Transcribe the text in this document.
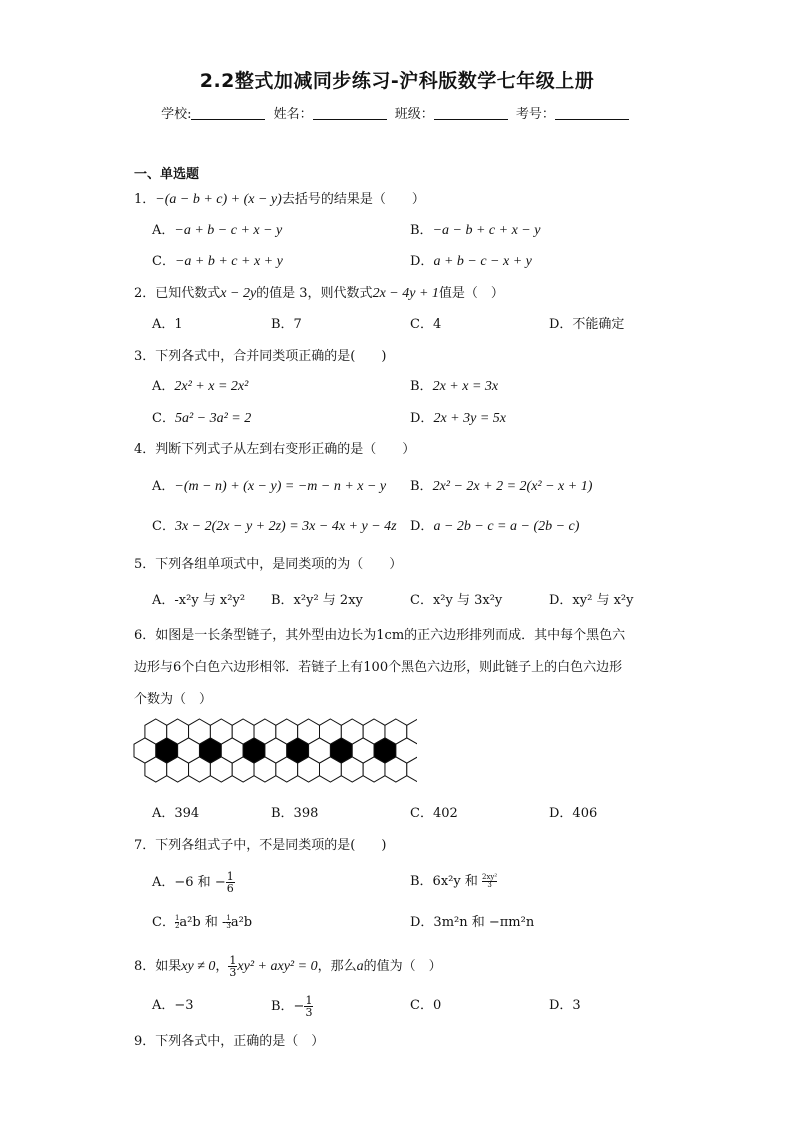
2.2整式加减同步练习-沪科版数学七年级上册
学校:	姓名：	班级：	考号：
一、单选题
1．−(a − b + c) + (x − y)去括号的结果是（　　）
A．−a + b − c + x − y	B．−a − b + c + x − y
C．−a + b + c + x + y	D．a + b − c − x + y
2．已知代数式x − 2y的值是 3，则代数式2x − 4y + 1值是（　）
A．1	B．7	C．4	D．不能确定
3．下列各式中，合并同类项正确的是(　　)
A．2x² + x = 2x²	B．2x + x = 3x
C．5a² − 3a² = 2	D．2x + 3y = 5x
4．判断下列式子从左到右变形正确的是（　　）
A．−(m − n) + (x − y) = −m − n + x − y B．2x² − 2x + 2 = 2(x² − x + 1)
C．3x − 2(2x − y + 2z) = 3x − 4x + y − 4z D．a − 2b − c = a − (2b − c)
5．下列各组单项式中，是同类项的为（　　）
A．-x²y 与 x²y² B．x²y² 与 2xy	C．x²y 与 3x²y	D．xy² 与 x²y
6．如图是一长条型链子，其外型由边长为1cm的正六边形排列而成．其中每个黑色六
边形与6个白色六边形相邻．若链子上有100个黑色六边形，则此链子上的白色六边形
个数为（　）
A．394	B．398	C．402	D．406
7．下列各组式子中，不是同类项的是(　　)
A．−6 和 − $\frac{1}{6}$	B．6x²y 和 $\frac{\text{2xy²}}{3}$
C． $\frac{1}{2} a^2b$ 和 - $\frac{1}{3} a^2b$	D．3m²n 和 −πm²n
8．如果xy ≠ 0， $\frac{1}{3} xy^2 + axy^2 = 0$，那么a的值为（　）
A．−3	B．− $\frac{1}{3}$	C．0	D．3
9．下列各式中，正确的是（　）
